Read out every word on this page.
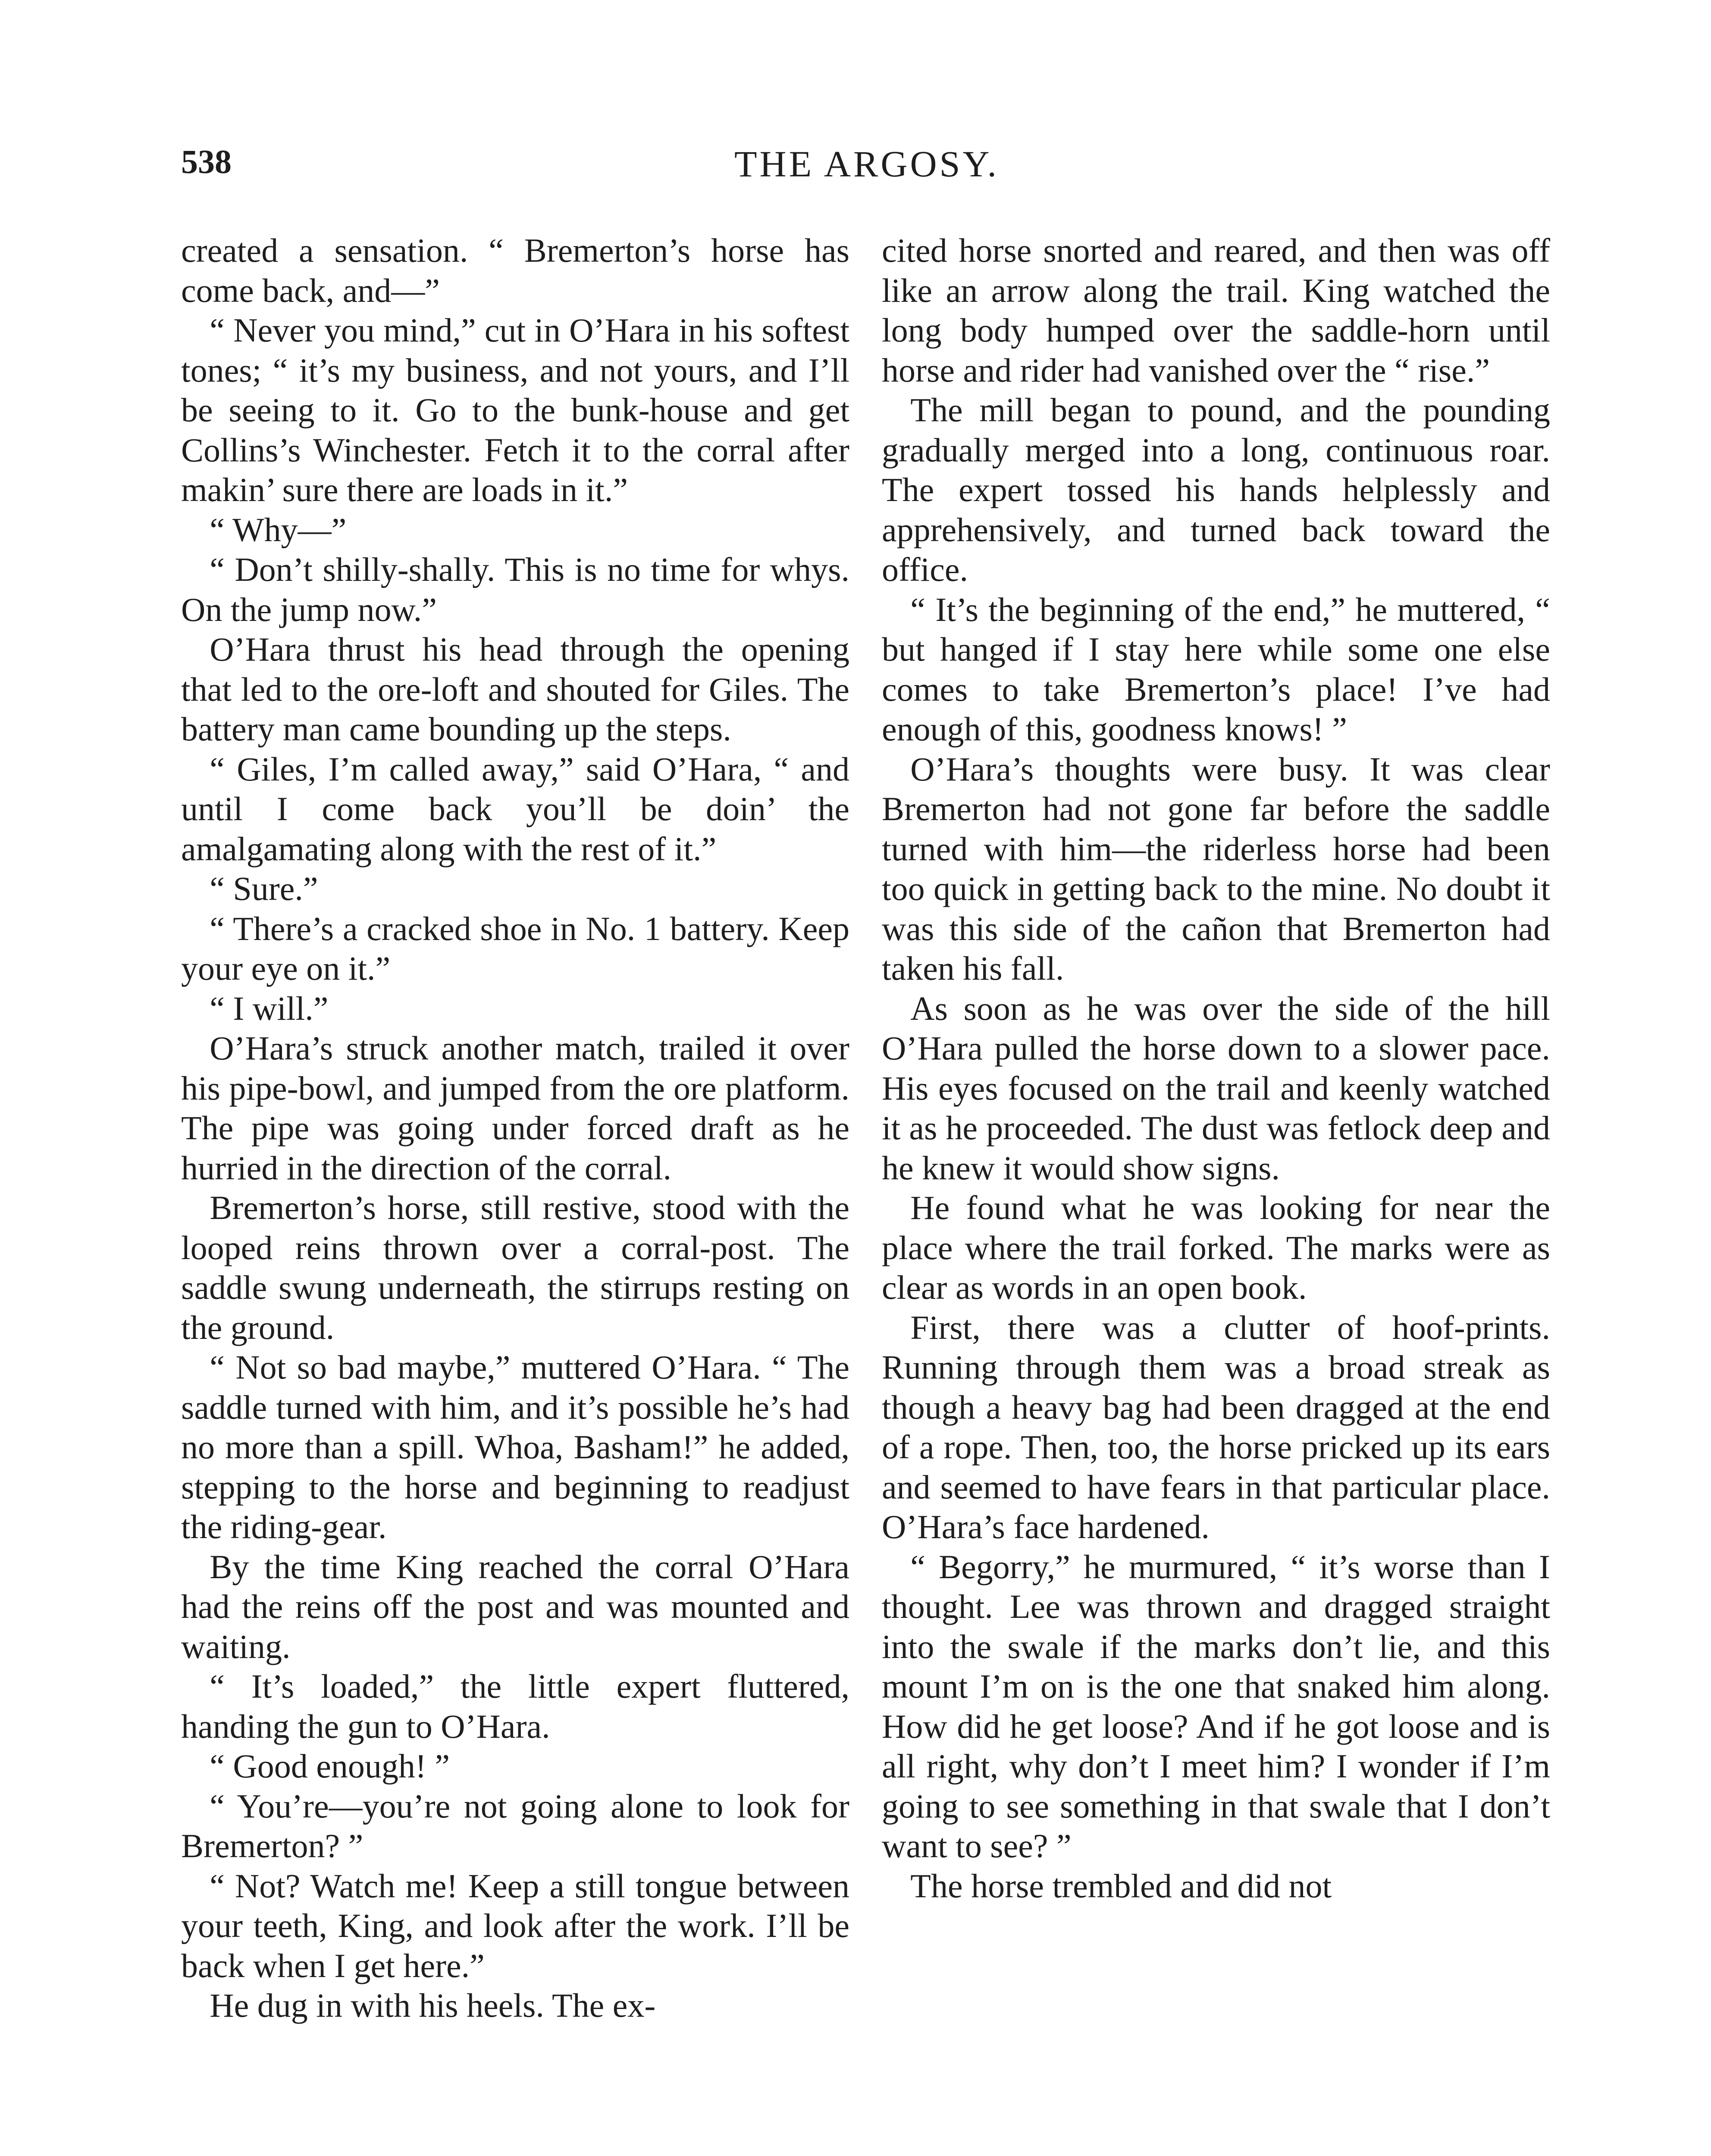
538	THE ARGOSY.

created a sensation. “ Bremerton’s horse has come back, and—”

“ Never you mind,” cut in O’Hara in his softest tones; “ it’s my business, and not yours, and I’ll be seeing to it. Go to the bunk-house and get Collins’s Winchester. Fetch it to the corral after makin’ sure there are loads in it.”

“ Why—”

“ Don’t shilly-shally. This is no time for whys. On the jump now.”

O’Hara thrust his head through the opening that led to the ore-loft and shouted for Giles. The battery man came bounding up the steps.

“ Giles, I’m called away,” said O’Hara, “ and until I come back you’ll be doin’ the amalgamating along with the rest of it.”

“ Sure.”

“ There’s a cracked shoe in No. 1 battery. Keep your eye on it.”

“ I will.”

O’Hara’s struck another match, trailed it over his pipe-bowl, and jumped from the ore platform. The pipe was going under forced draft as he hurried in the direction of the corral.

Bremerton’s horse, still restive, stood with the looped reins thrown over a corral-post. The saddle swung underneath, the stirrups resting on the ground.

“ Not so bad maybe,” muttered O’Hara. “ The saddle turned with him, and it’s possible he’s had no more than a spill. Whoa, Basham!” he added, stepping to the horse and beginning to readjust the riding-gear.

By the time King reached the corral O’Hara had the reins off the post and was mounted and waiting.

“ It’s loaded,” the little expert fluttered, handing the gun to O’Hara.

“ Good enough! ”

“ You’re—you’re not going alone to look for Bremerton? ”

“ Not? Watch me! Keep a still tongue between your teeth, King, and look after the work. I’ll be back when I get here.”

He dug in with his heels. The ex-

cited horse snorted and reared, and then was off like an arrow along the trail. King watched the long body humped over the saddle-horn until horse and rider had vanished over the “ rise.”

The mill began to pound, and the pounding gradually merged into a long, continuous roar. The expert tossed his hands helplessly and apprehensively, and turned back toward the office.

“ It’s the beginning of the end,” he muttered, “ but hanged if I stay here while some one else comes to take Bremerton’s place! I’ve had enough of this, goodness knows! ”

O’Hara’s thoughts were busy. It was clear Bremerton had not gone far before the saddle turned with him—the riderless horse had been too quick in getting back to the mine. No doubt it was this side of the cañon that Bremerton had taken his fall.

As soon as he was over the side of the hill O’Hara pulled the horse down to a slower pace. His eyes focused on the trail and keenly watched it as he proceeded. The dust was fetlock deep and he knew it would show signs.

He found what he was looking for near the place where the trail forked. The marks were as clear as words in an open book.

First, there was a clutter of hoof-prints. Running through them was a broad streak as though a heavy bag had been dragged at the end of a rope. Then, too, the horse pricked up its ears and seemed to have fears in that particular place. O’Hara’s face hardened.

“ Begorry,” he murmured, “ it’s worse than I thought. Lee was thrown and dragged straight into the swale if the marks don’t lie, and this mount I’m on is the one that snaked him along. How did he get loose? And if he got loose and is all right, why don’t I meet him? I wonder if I’m going to see something in that swale that I don’t want to see? ”

The horse trembled and did not
